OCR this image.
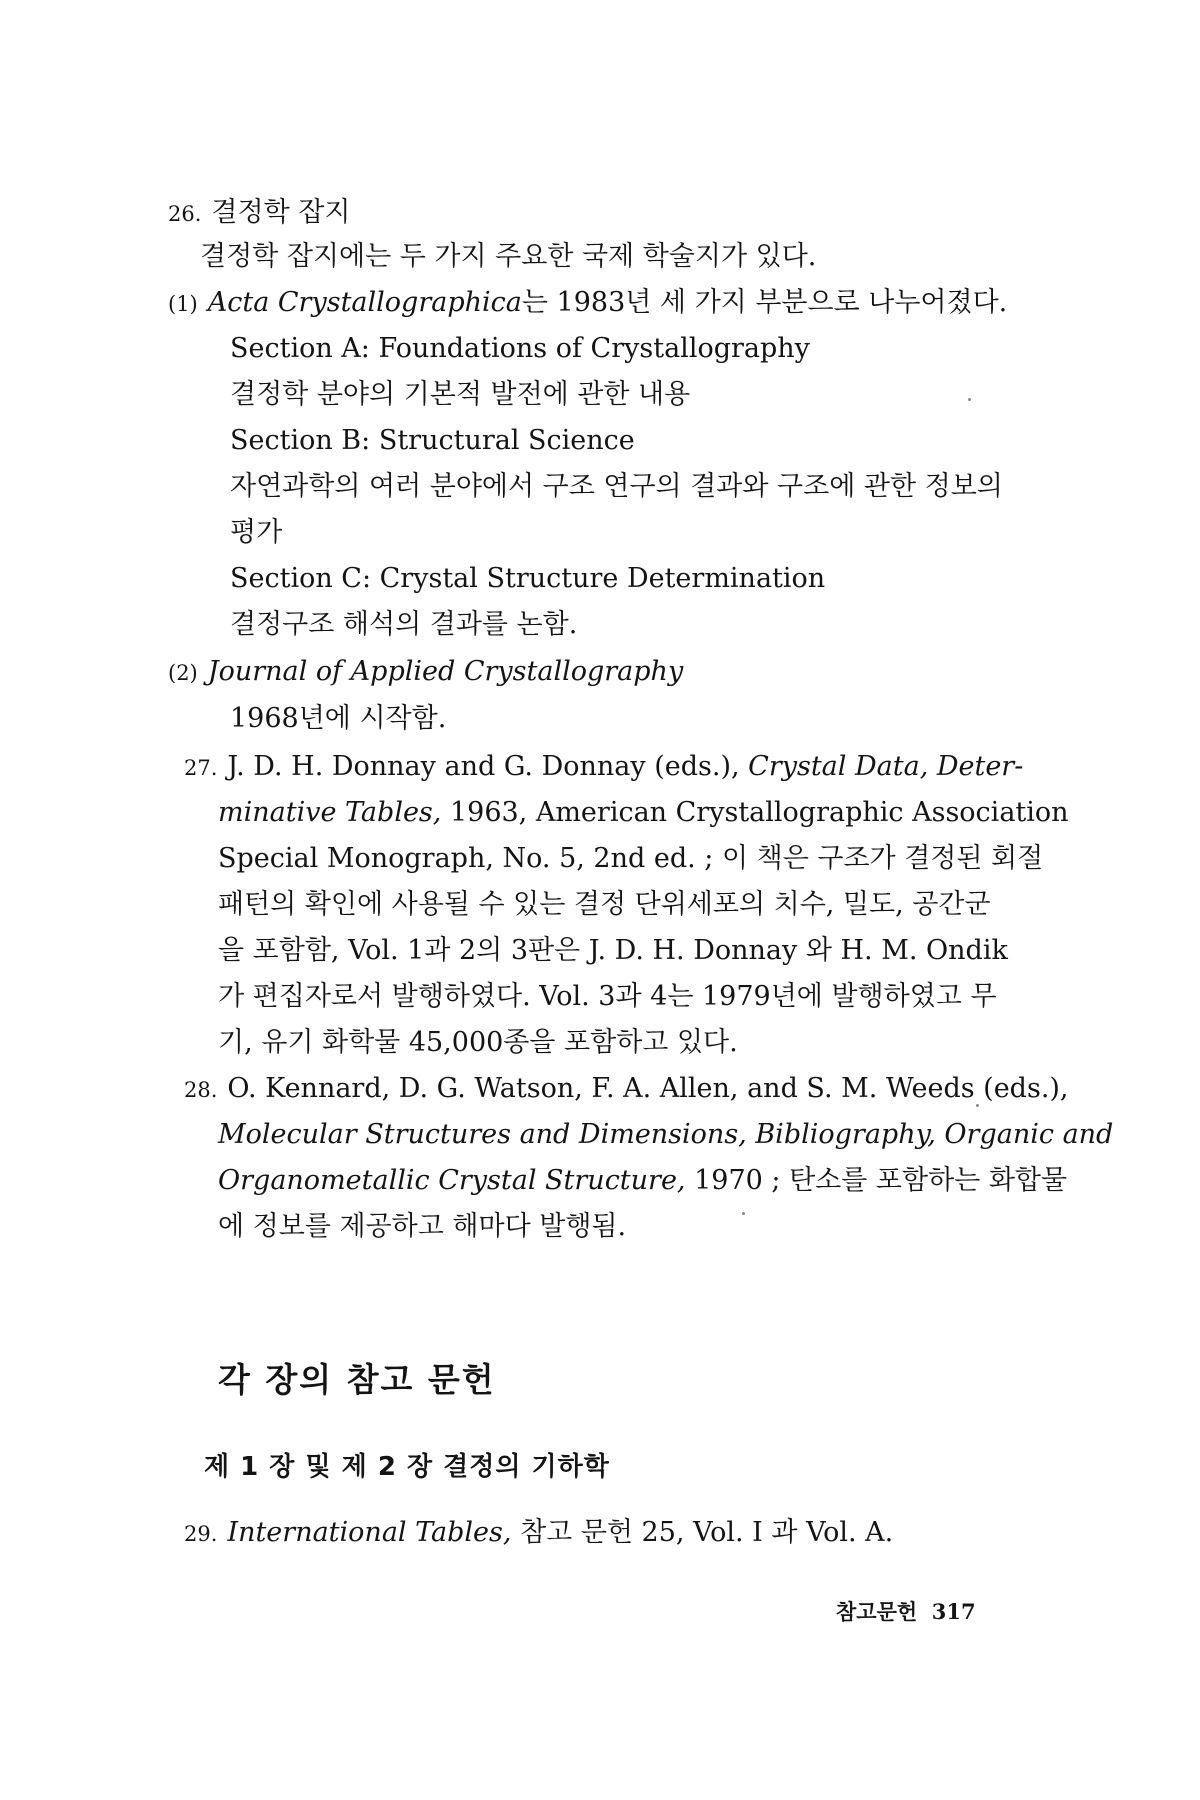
26. 결정학 잡지
결정학 잡지에는 두 가지 주요한 국제 학술지가 있다.
(1) Acta Crystallographica는 1983년 세 가지 부분으로 나누어졌다.
Section A: Foundations of Crystallography
결정학 분야의 기본적 발전에 관한 내용
Section B: Structural Science
자연과학의 여러 분야에서 구조 연구의 결과와 구조에 관한 정보의
평가
Section C: Crystal Structure Determination
결정구조 해석의 결과를 논함.
(2) Journal of Applied Crystallography
1968년에 시작함.
27. J. D. H. Donnay and G. Donnay (eds.), Crystal Data, Deter-
minative Tables, 1963, American Crystallographic Association
Special Monograph, No. 5, 2nd ed. ; 이 책은 구조가 결정된 회절
패턴의 확인에 사용될 수 있는 결정 단위세포의 치수, 밀도, 공간군
을 포함함, Vol. 1과 2의 3판은 J. D. H. Donnay 와 H. M. Ondik
가 편집자로서 발행하였다. Vol. 3과 4는 1979년에 발행하였고 무
기, 유기 화학물 45,000종을 포함하고 있다.
28. O. Kennard, D. G. Watson, F. A. Allen, and S. M. Weeds (eds.),
Molecular Structures and Dimensions, Bibliography, Organic and
Organometallic Crystal Structure, 1970 ; 탄소를 포함하는 화합물
에 정보를 제공하고 해마다 발행됨.
각 장의 참고 문헌
제 1 장 및 제 2 장 결정의 기하학
29. International Tables, 참고 문헌 25, Vol. I 과 Vol. A.
참고문헌 317
